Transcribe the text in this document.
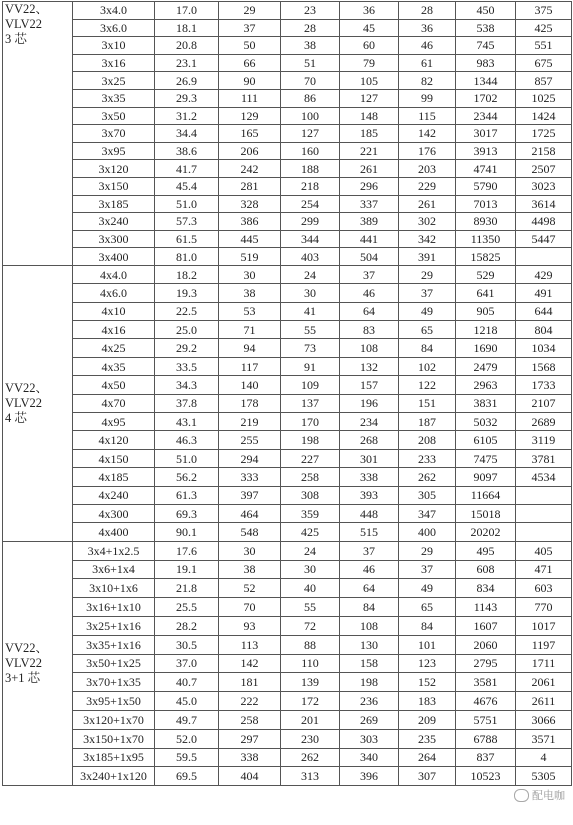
VV22、
VLV22
3 芯	3x4.0	17.0	29	23	36	28	450	375
	3x6.0	18.1	37	28	45	36	538	425
	3x10	20.8	50	38	60	46	745	551
	3x16	23.1	66	51	79	61	983	675
	3x25	26.9	90	70	105	82	1344	857
	3x35	29.3	111	86	127	99	1702	1025
	3x50	31.2	129	100	148	115	2344	1424
	3x70	34.4	165	127	185	142	3017	1725
	3x95	38.6	206	160	221	176	3913	2158
	3x120	41.7	242	188	261	203	4741	2507
	3x150	45.4	281	218	296	229	5790	3023
	3x185	51.0	328	254	337	261	7013	3614
	3x240	57.3	386	299	389	302	8930	4498
	3x300	61.5	445	344	441	342	11350	5447
	3x400	81.0	519	403	504	391	15825	

VV22、
VLV22
4 芯	4x4.0	18.2	30	24	37	29	529	429
	4x6.0	19.3	38	30	46	37	641	491
	4x10	22.5	53	41	64	49	905	644
	4x16	25.0	71	55	83	65	1218	804
	4x25	29.2	94	73	108	84	1690	1034
	4x35	33.5	117	91	132	102	2479	1568
	4x50	34.3	140	109	157	122	2963	1733
	4x70	37.8	178	137	196	151	3831	2107
	4x95	43.1	219	170	234	187	5032	2689
	4x120	46.3	255	198	268	208	6105	3119
	4x150	51.0	294	227	301	233	7475	3781
	4x185	56.2	333	258	338	262	9097	4534
	4x240	61.3	397	308	393	305	11664	
	4x300	69.3	464	359	448	347	15018	
	4x400	90.1	548	425	515	400	20202	

VV22、
VLV22
3+1 芯	3x4+1x2.5	17.6	30	24	37	29	495	405
	3x6+1x4	19.1	38	30	46	37	608	471
	3x10+1x6	21.8	52	40	64	49	834	603
	3x16+1x10	25.5	70	55	84	65	1143	770
	3x25+1x16	28.2	93	72	108	84	1607	1017
	3x35+1x16	30.5	113	88	130	101	2060	1197
	3x50+1x25	37.0	142	110	158	123	2795	1711
	3x70+1x35	40.7	181	139	198	152	3581	2061
	3x95+1x50	45.0	222	172	236	183	4676	2611
	3x120+1x70	49.7	258	201	269	209	5751	3066
	3x150+1x70	52.0	297	230	303	235	6788	3571
	3x185+1x95	59.5	338	262	340	264	837	4
	3x240+1x120	69.5	404	313	396	307	10523	5305
配电咖
